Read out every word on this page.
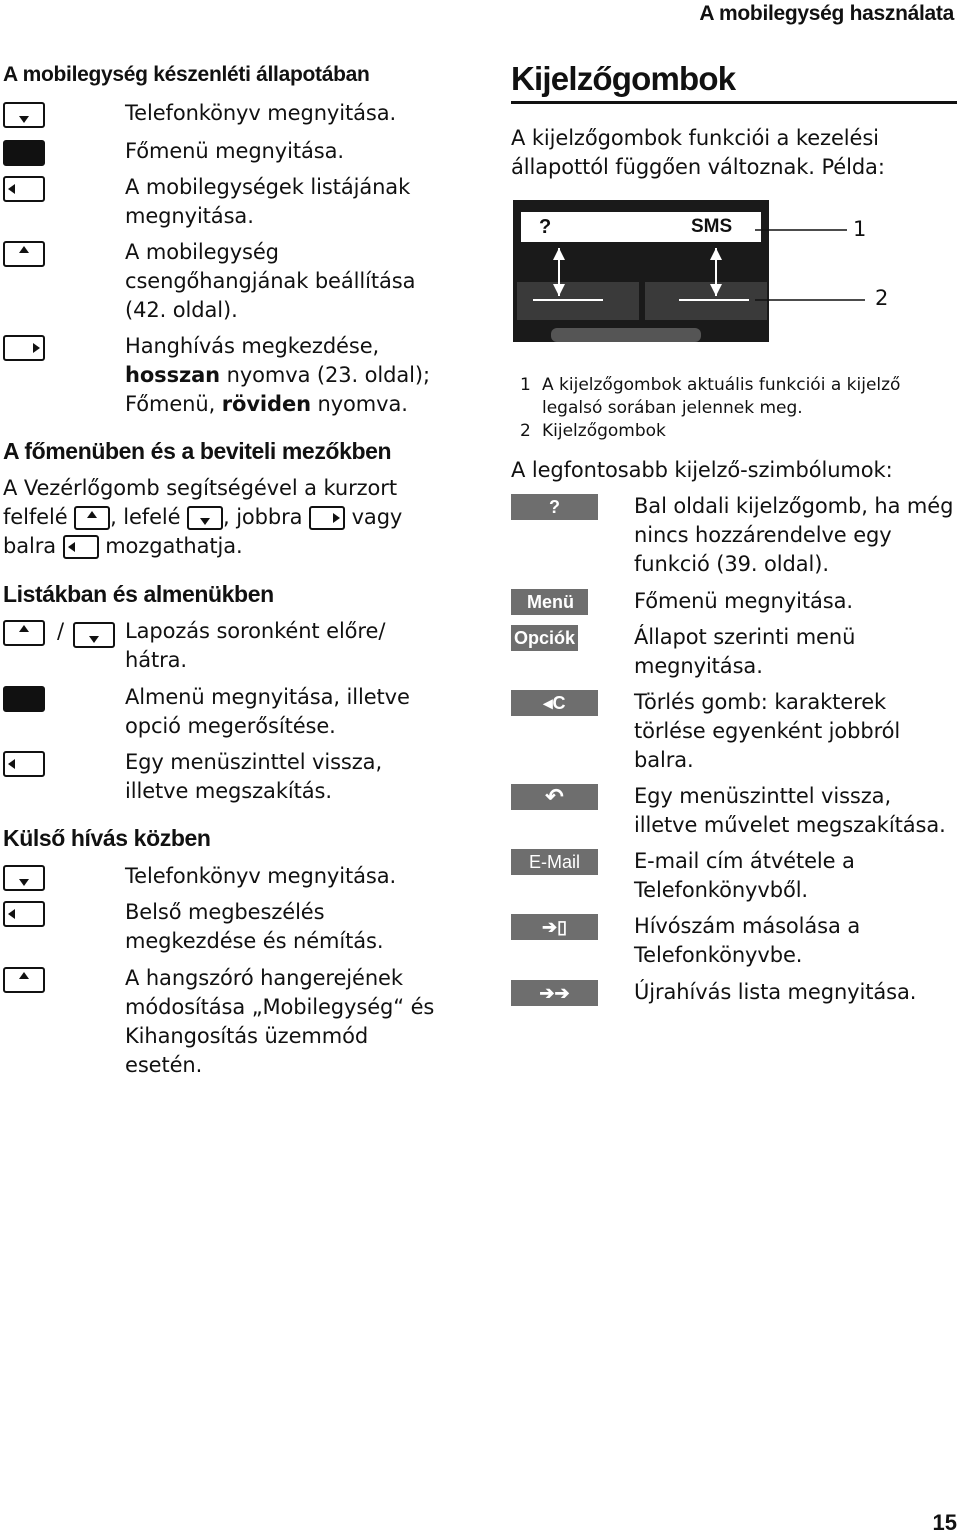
A mobilegység használata
A mobilegység készenléti állapotában
Telefonkönyv megnyitása.
Főmenü megnyitása.
A mobilegységek listájának megnyitása.
A mobilegység csengőhangjának beállítása (42. oldal).
Hanghívás megkezdése,
hosszan nyomva (23. oldal);
Főmenü, röviden nyomva.
A főmenüben és a beviteli mezőkben
A Vezérlőgomb segítségével a kurzort
felfelé , lefelé , jobbra vagy
balra mozgathatja.
Listákban és almenükben
/	Lapozás soronként előre/ hátra.
Almenü megnyitása, illetve opció megerősítése.
Egy menüszinttel vissza, illetve megszakítás.
Külső hívás közben
Telefonkönyv megnyitása.
Belső megbeszélés megkezdése és némítás.
A hangszóró hangerejének módosítása „Mobilegység“ és Kihangosítás üzemmód esetén.
Kijelzőgombok
A kijelzőgombok funkciói a kezelési állapottól függően változnak. Példa:
?	SMS	1
2
1 A kijelzőgombok aktuális funkciói a kijelző legalsó sorában jelennek meg.
2 Kijelzőgombok
A legfontosabb kijelző-szimbólumok:
?	Bal oldali kijelzőgomb, ha még nincs hozzárendelve egy funkció (39. oldal).
Menü	Főmenü megnyitása.
Opciók	Állapot szerinti menü megnyitása.
◂C	Törlés gomb: karakterek törlése egyenként jobbról balra.
↶	Egy menüszinttel vissza, illetve művelet megszakítása.
E-Mail	E-mail cím átvétele a Telefonkönyvből.
➔▯	Hívószám másolása a Telefonkönyvbe.
➔➔	Újrahívás lista megnyitása.
15
